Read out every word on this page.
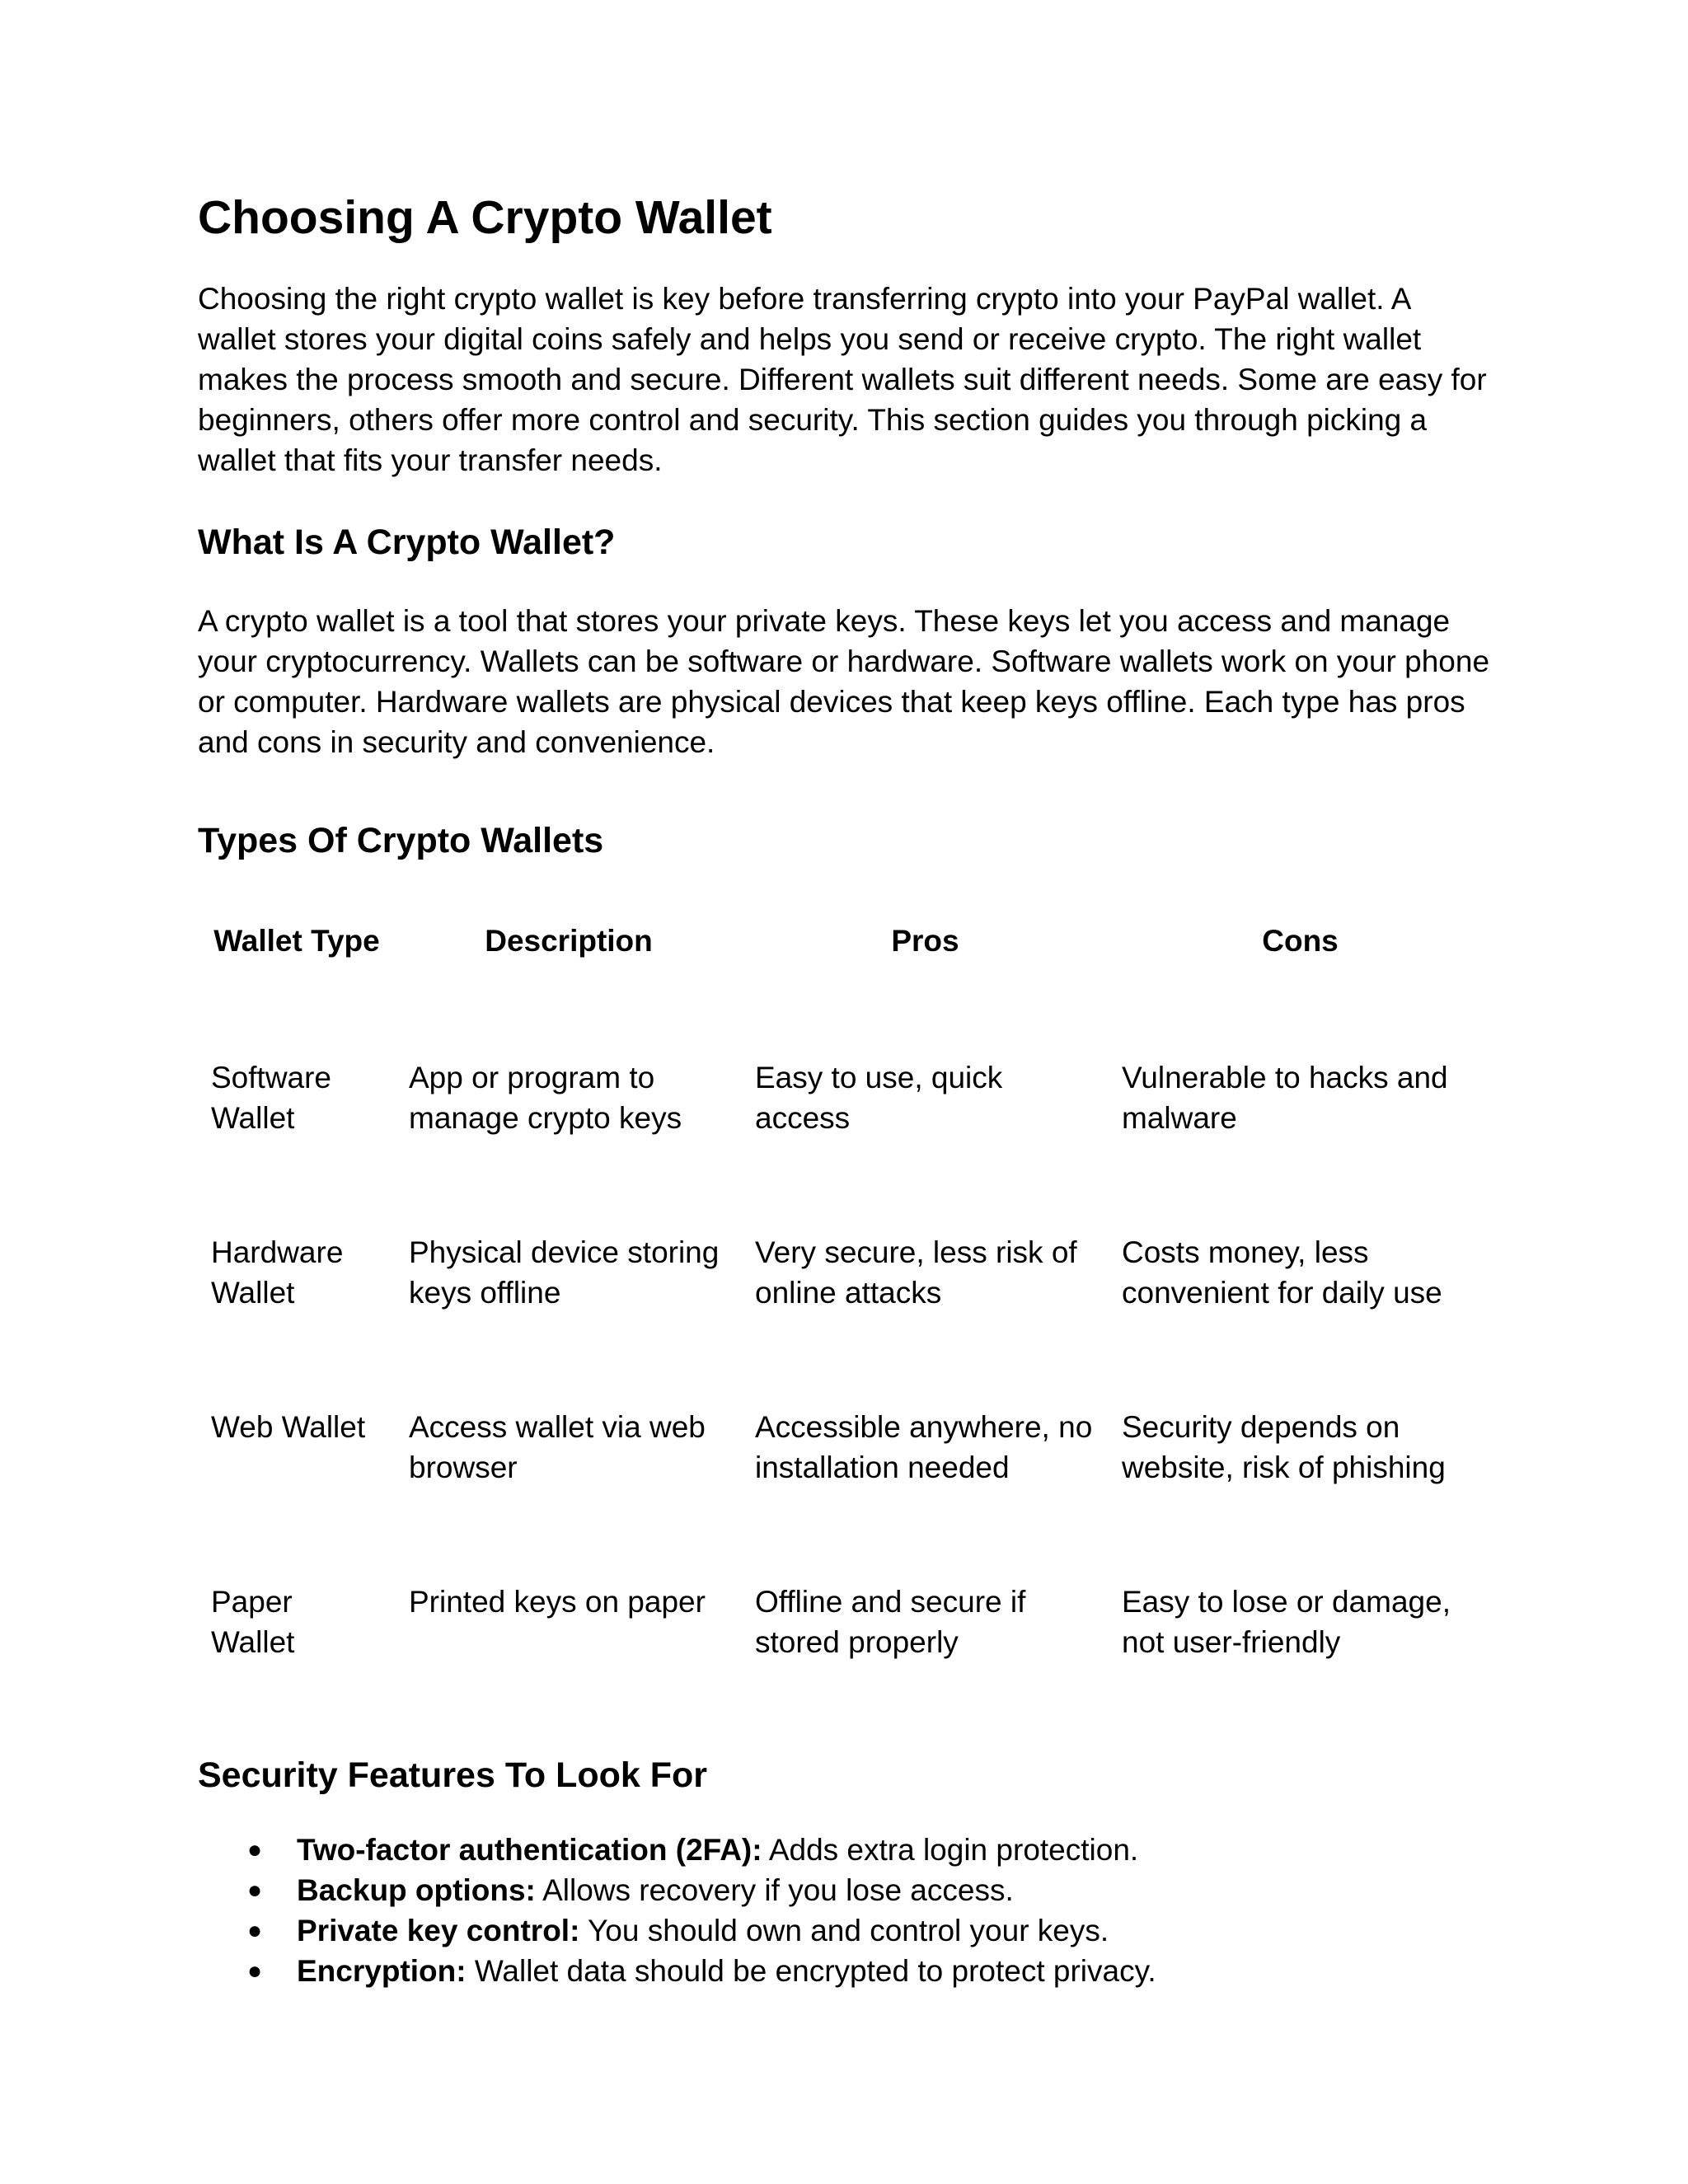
Choosing A Crypto Wallet

Choosing the right crypto wallet is key before transferring crypto into your PayPal wallet. A wallet stores your digital coins safely and helps you send or receive crypto. The right wallet makes the process smooth and secure. Different wallets suit different needs. Some are easy for beginners, others offer more control and security. This section guides you through picking a wallet that fits your transfer needs.

What Is A Crypto Wallet?

A crypto wallet is a tool that stores your private keys. These keys let you access and manage your cryptocurrency. Wallets can be software or hardware. Software wallets work on your phone or computer. Hardware wallets are physical devices that keep keys offline. Each type has pros and cons in security and convenience.

Types Of Crypto Wallets
Wallet Type	Description	Pros	Cons
Software Wallet	App or program to manage crypto keys	Easy to use, quick access	Vulnerable to hacks and malware
Hardware Wallet	Physical device storing keys offline	Very secure, less risk of online attacks	Costs money, less convenient for daily use
Web Wallet	Access wallet via web browser	Accessible anywhere, no installation needed	Security depends on website, risk of phishing
Paper Wallet	Printed keys on paper	Offline and secure if stored properly	Easy to lose or damage, not user-friendly
Security Features To Look For
● Two-factor authentication (2FA): Adds extra login protection.
● Backup options: Allows recovery if you lose access.
● Private key control: You should own and control your keys.
● Encryption: Wallet data should be encrypted to protect privacy.
